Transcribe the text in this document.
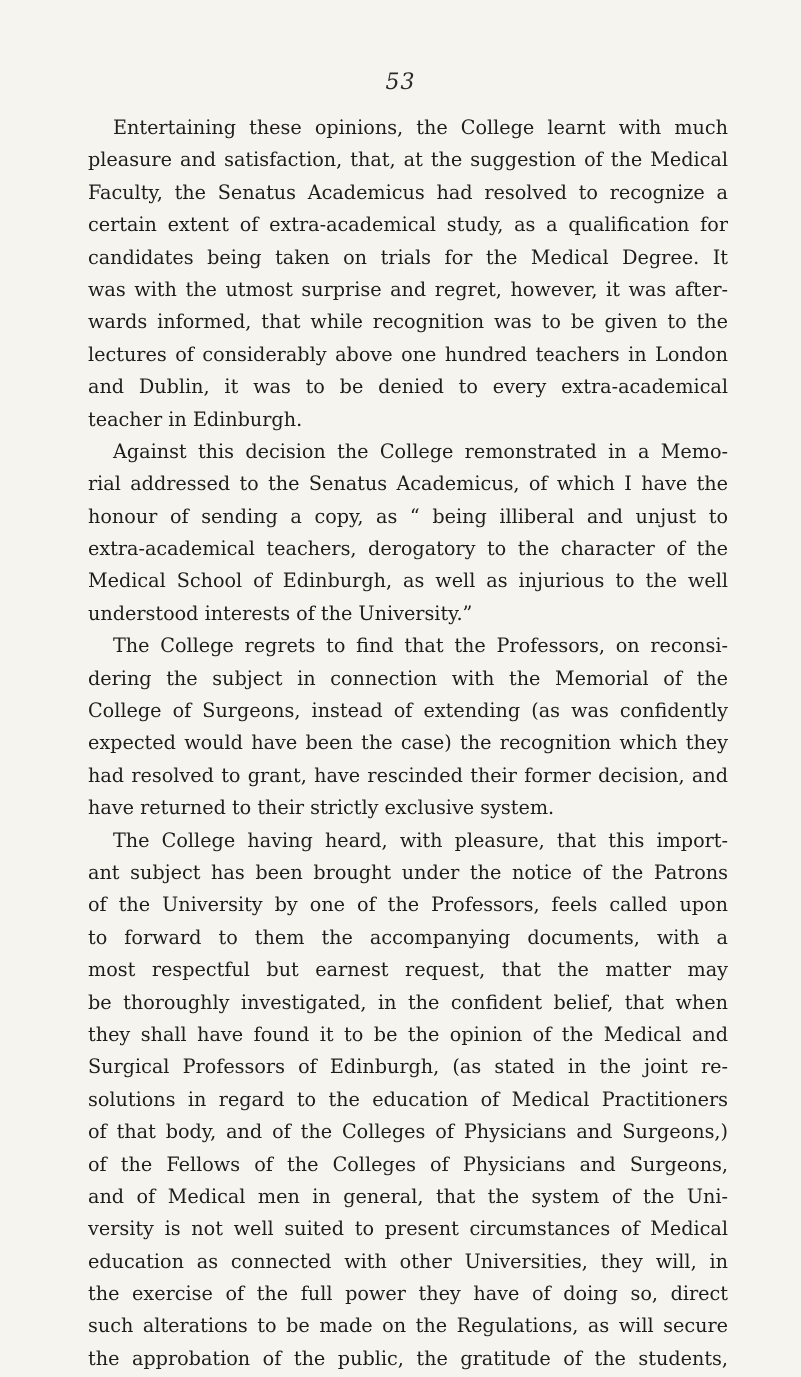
53
Entertaining these opinions, the College learnt with much
pleasure and satisfaction, that, at the suggestion of the Medical
Faculty, the Senatus Academicus had resolved to recognize a
certain extent of extra-academical study, as a qualification for
candidates being taken on trials for the Medical Degree. It
was with the utmost surprise and regret, however, it was after-
wards informed, that while recognition was to be given to the
lectures of considerably above one hundred teachers in London
and Dublin, it was to be denied to every extra-academical
teacher in Edinburgh.
Against this decision the College remonstrated in a Memo-
rial addressed to the Senatus Academicus, of which I have the
honour of sending a copy, as “ being illiberal and unjust to
extra-academical teachers, derogatory to the character of the
Medical School of Edinburgh, as well as injurious to the well
understood interests of the University.”
The College regrets to find that the Professors, on reconsi-
dering the subject in connection with the Memorial of the
College of Surgeons, instead of extending (as was confidently
expected would have been the case) the recognition which they
had resolved to grant, have rescinded their former decision, and
have returned to their strictly exclusive system.
The College having heard, with pleasure, that this import-
ant subject has been brought under the notice of the Patrons
of the University by one of the Professors, feels called upon
to forward to them the accompanying documents, with a
most respectful but earnest request, that the matter may
be thoroughly investigated, in the confident belief, that when
they shall have found it to be the opinion of the Medical and
Surgical Professors of Edinburgh, (as stated in the joint re-
solutions in regard to the education of Medical Practitioners
of that body, and of the Colleges of Physicians and Surgeons,)
of the Fellows of the Colleges of Physicians and Surgeons,
and of Medical men in general, that the system of the Uni-
versity is not well suited to present circumstances of Medical
education as connected with other Universities, they will, in
the exercise of the full power they have of doing so, direct
such alterations to be made on the Regulations, as will secure
the approbation of the public, the gratitude of the students,
